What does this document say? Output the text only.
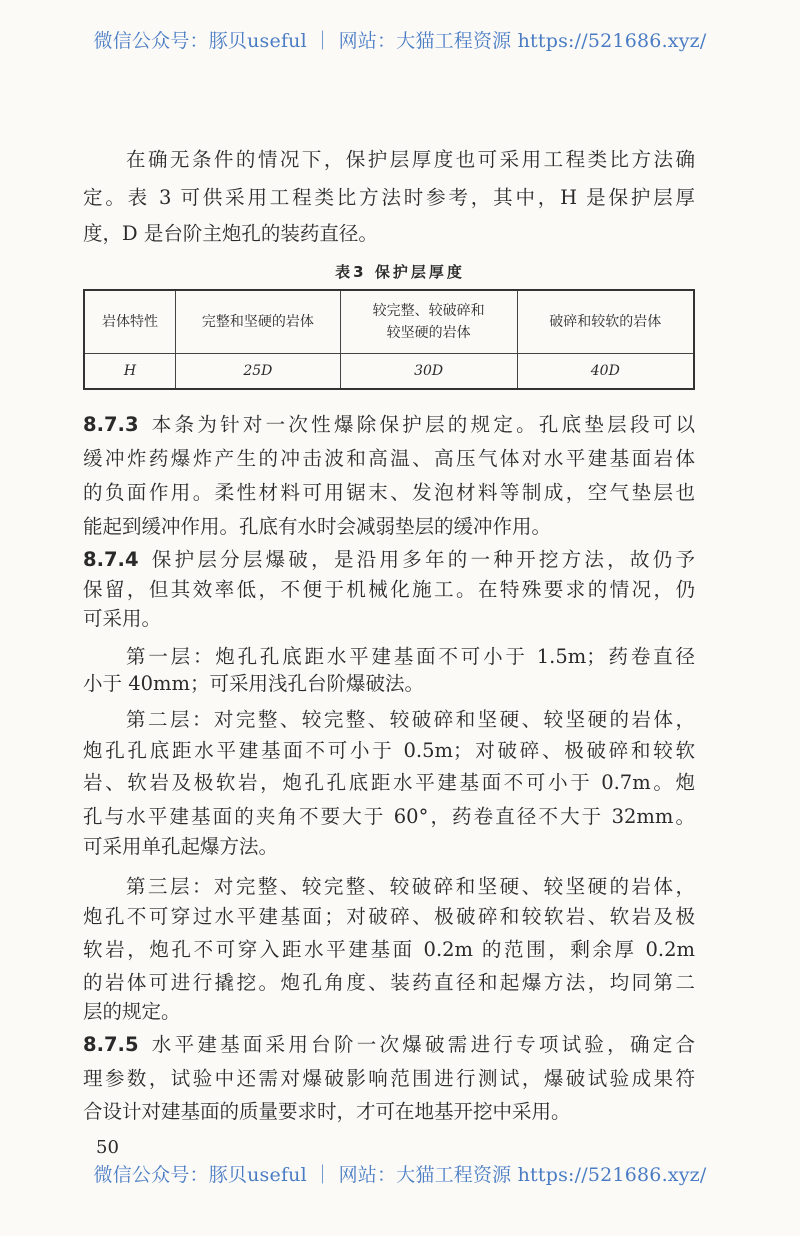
微信公众号：豚贝useful ｜ 网站：大猫工程资源 https://521686.xyz/
在确无条件的情况下，保护层厚度也可采用工程类比方法确
定。表 3 可供采用工程类比方法时参考，其中，H 是保护层厚
度，D 是台阶主炮孔的装药直径。
8.7.3 本条为针对一次性爆除保护层的规定。孔底垫层段可以
缓冲炸药爆炸产生的冲击波和高温、高压气体对水平建基面岩体
的负面作用。柔性材料可用锯末、发泡材料等制成，空气垫层也
能起到缓冲作用。孔底有水时会减弱垫层的缓冲作用。
8.7.4 保护层分层爆破，是沿用多年的一种开挖方法，故仍予
保留，但其效率低，不便于机械化施工。在特殊要求的情况，仍
可采用。
第一层：炮孔孔底距水平建基面不可小于 1.5m；药卷直径
小于 40mm；可采用浅孔台阶爆破法。
第二层：对完整、较完整、较破碎和坚硬、较坚硬的岩体，
炮孔孔底距水平建基面不可小于 0.5m；对破碎、极破碎和较软
岩、软岩及极软岩，炮孔孔底距水平建基面不可小于 0.7m。炮
孔与水平建基面的夹角不要大于 60°，药卷直径不大于 32mm。
可采用单孔起爆方法。
第三层：对完整、较完整、较破碎和坚硬、较坚硬的岩体，
炮孔不可穿过水平建基面；对破碎、极破碎和较软岩、软岩及极
软岩，炮孔不可穿入距水平建基面 0.2m 的范围，剩余厚 0.2m
的岩体可进行撬挖。炮孔角度、装药直径和起爆方法，均同第二
层的规定。
8.7.5 水平建基面采用台阶一次爆破需进行专项试验，确定合
理参数，试验中还需对爆破影响范围进行测试，爆破试验成果符
合设计对建基面的质量要求时，才可在地基开挖中采用。
表3 保护层厚度
岩体特性	完整和坚硬的岩体	较完整、较破碎和较坚硬的岩体	破碎和较软的岩体
H	25D	30D	40D
50
微信公众号：豚贝useful ｜ 网站：大猫工程资源 https://521686.xyz/
